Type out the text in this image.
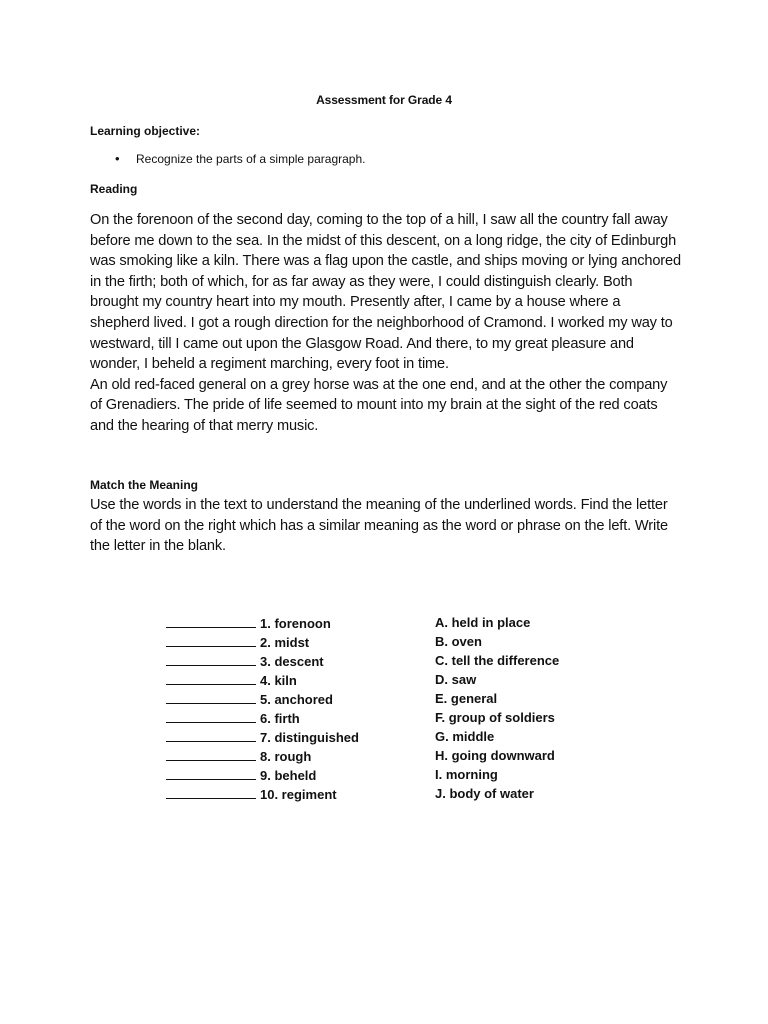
Assessment for Grade 4
Learning objective:
• Recognize the parts of a simple paragraph.
Reading

On the forenoon of the second day, coming to the top of a hill, I saw all the country fall away before me down to the sea. In the midst of this descent, on a long ridge, the city of Edinburgh was smoking like a kiln. There was a flag upon the castle, and ships moving or lying anchored in the firth; both of which, for as far away as they were, I could distinguish clearly. Both brought my country heart into my mouth. Presently after, I came by a house where a shepherd lived. I got a rough direction for the neighborhood of Cramond. I worked my way to westward, till I came out upon the Glasgow Road. And there, to my great pleasure and wonder, I beheld a regiment marching, every foot in time.

An old red-faced general on a grey horse was at the one end, and at the other the company of Grenadiers. The pride of life seemed to mount into my brain at the sight of the red coats and the hearing of that merry music.

Match the Meaning

Use the words in the text to understand the meaning of the underlined words. Find the letter of the word on the right which has a similar meaning as the word or phrase on the left. Write the letter in the blank.

1. forenoon
2. midst
3. descent
4. kiln
5. anchored
6. firth
7. distinguished
8. rough
9. beheld
10. regiment
A. held in place
B. oven
C. tell the difference
D. saw
E. general
F. group of soldiers
G. middle
H. going downward
I. morning
J. body of water
